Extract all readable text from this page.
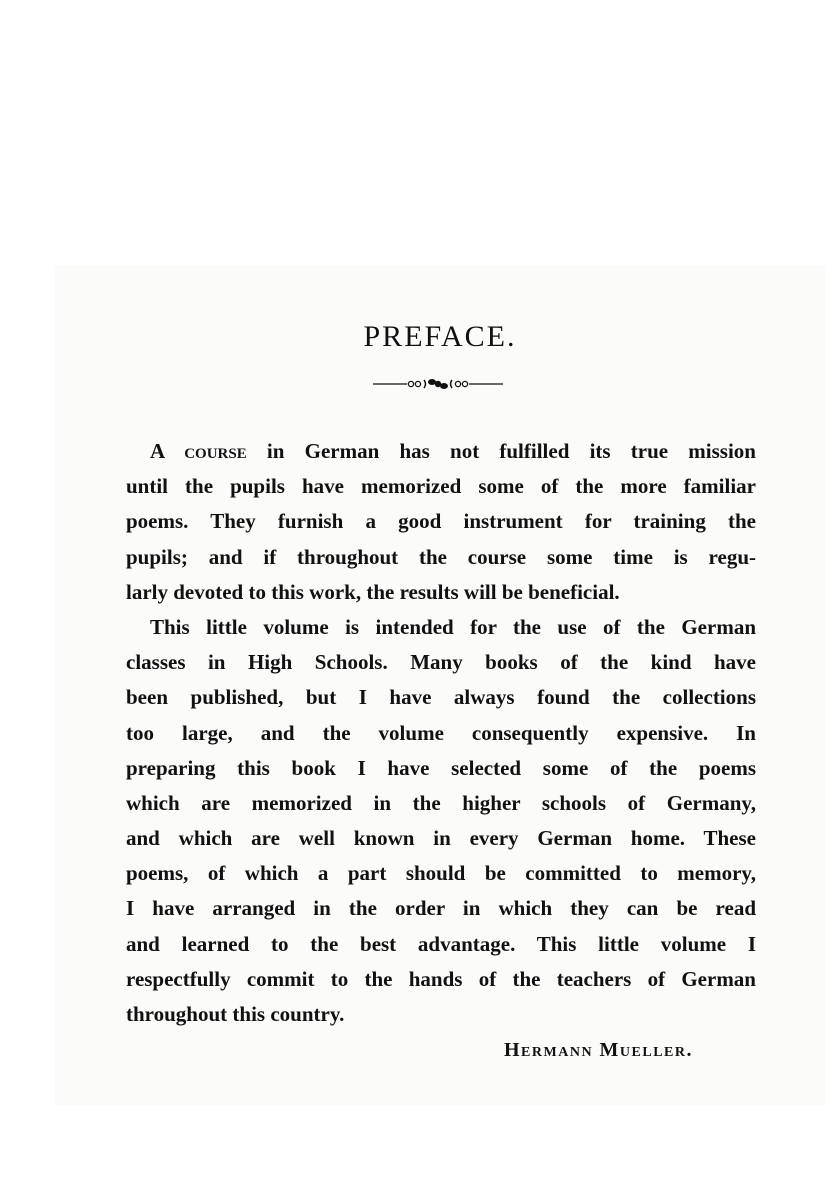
PREFACE.
A course in German has not fulfilled its true mission
until the pupils have memorized some of the more familiar
poems. They furnish a good instrument for training the
pupils; and if throughout the course some time is regu-
larly devoted to this work, the results will be beneficial.
This little volume is intended for the use of the German
classes in High Schools. Many books of the kind have
been published, but I have always found the collections
too large, and the volume consequently expensive. In
preparing this book I have selected some of the poems
which are memorized in the higher schools of Germany,
and which are well known in every German home. These
poems, of which a part should be committed to memory,
I have arranged in the order in which they can be read
and learned to the best advantage. This little volume I
respectfully commit to the hands of the teachers of German
throughout this country.
Hermann Mueller.
